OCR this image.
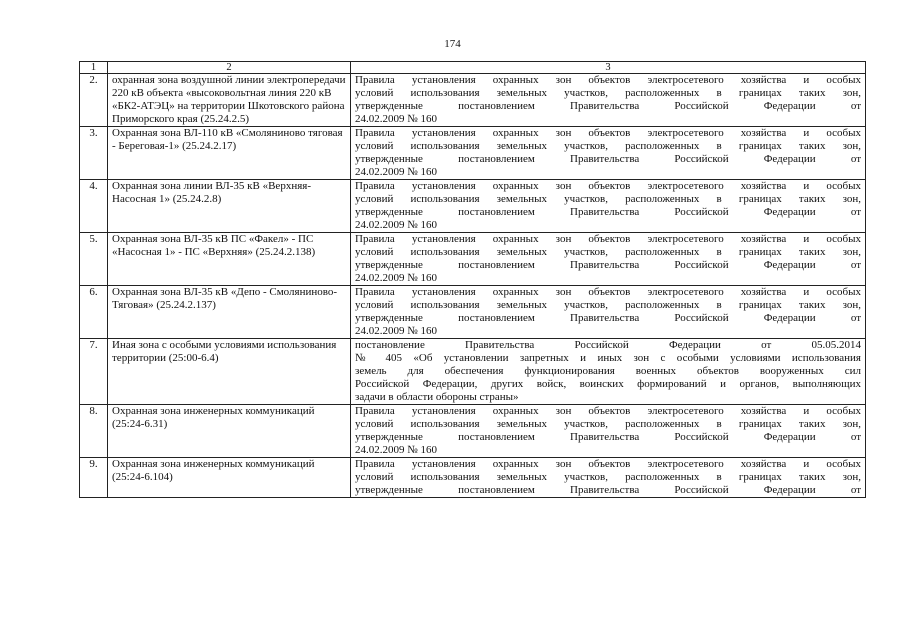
174
1	2	3
2.	охранная зона воздушной линии электропередачи 220 кВ объекта «высоковольтная линия 220 кВ «БК2-АТЭЦ» на территории Шкотовского района Приморского края (25.24.2.5)	Правила установления охранных зон объектов электросетевого хозяйства и особых
условий использования земельных участков, расположенных в границах таких зон,
утвержденные постановлением Правительства Российской Федерации от
24.02.2009 № 160

3.	Охранная зона ВЛ-110 кВ «Смоляниново тяговая - Береговая-1» (25.24.2.17)	Правила установления охранных зон объектов электросетевого хозяйства и особых
условий использования земельных участков, расположенных в границах таких зон,
утвержденные постановлением Правительства Российской Федерации от
24.02.2009 № 160

4.	Охранная зона линии ВЛ-35 кВ «Верхняя-Насосная 1» (25.24.2.8)	Правила установления охранных зон объектов электросетевого хозяйства и особых
условий использования земельных участков, расположенных в границах таких зон,
утвержденные постановлением Правительства Российской Федерации от
24.02.2009 № 160

5.	Охранная зона ВЛ-35 кВ ПС «Факел» - ПС «Насосная 1» - ПС «Верхняя» (25.24.2.138)	Правила установления охранных зон объектов электросетевого хозяйства и особых
условий использования земельных участков, расположенных в границах таких зон,
утвержденные постановлением Правительства Российской Федерации от
24.02.2009 № 160

6.	Охранная зона ВЛ-35 кВ «Депо - Смоляниново-Тяговая» (25.24.2.137)	Правила установления охранных зон объектов электросетевого хозяйства и особых
условий использования земельных участков, расположенных в границах таких зон,
утвержденные постановлением Правительства Российской Федерации от
24.02.2009 № 160

7.	Иная зона с особыми условиями использования территории (25:00-6.4)	постановление Правительства Российской Федерации от 05.05.2014
№ 405 «Об установлении запретных и иных зон с особыми условиями использования
земель для обеспечения функционирования военных объектов вооруженных сил
Российской Федерации, других войск, воинских формирований и органов, выполняющих
задачи в области обороны страны»

8.	Охранная зона инженерных коммуникаций (25:24-6.31)	Правила установления охранных зон объектов электросетевого хозяйства и особых
условий использования земельных участков, расположенных в границах таких зон,
утвержденные постановлением Правительства Российской Федерации от
24.02.2009 № 160

9.	Охранная зона инженерных коммуникаций (25:24-6.104)	Правила установления охранных зон объектов электросетевого хозяйства и особых
условий использования земельных участков, расположенных в границах таких зон,
утвержденные постановлением Правительства Российской Федерации от
